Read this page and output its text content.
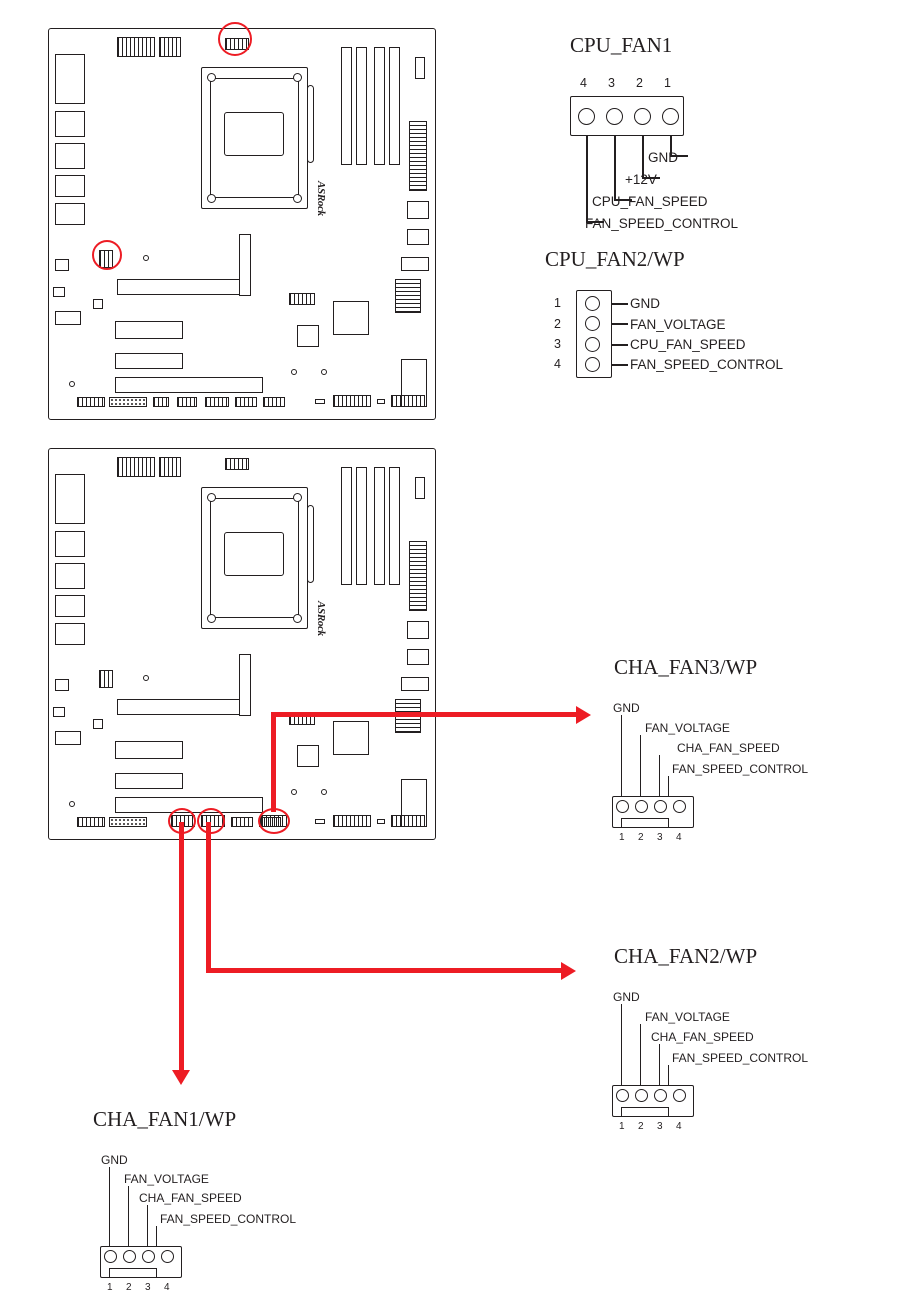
ASRock
CPU_FAN1
4 3 2 1
GND
+12V
CPU_FAN_SPEED
FAN_SPEED_CONTROL
CPU_FAN2/WP
1
2
3
4
GND
FAN_VOLTAGE
CPU_FAN_SPEED
FAN_SPEED_CONTROL
ASRock
CHA_FAN3/WP
GND
FAN_VOLTAGE
CHA_FAN_SPEED
FAN_SPEED_CONTROL
1 2 3 4
CHA_FAN2/WP
GND
FAN_VOLTAGE
CHA_FAN_SPEED
FAN_SPEED_CONTROL
1 2 3 4
CHA_FAN1/WP
GND
FAN_VOLTAGE
CHA_FAN_SPEED
FAN_SPEED_CONTROL
1 2 3 4
